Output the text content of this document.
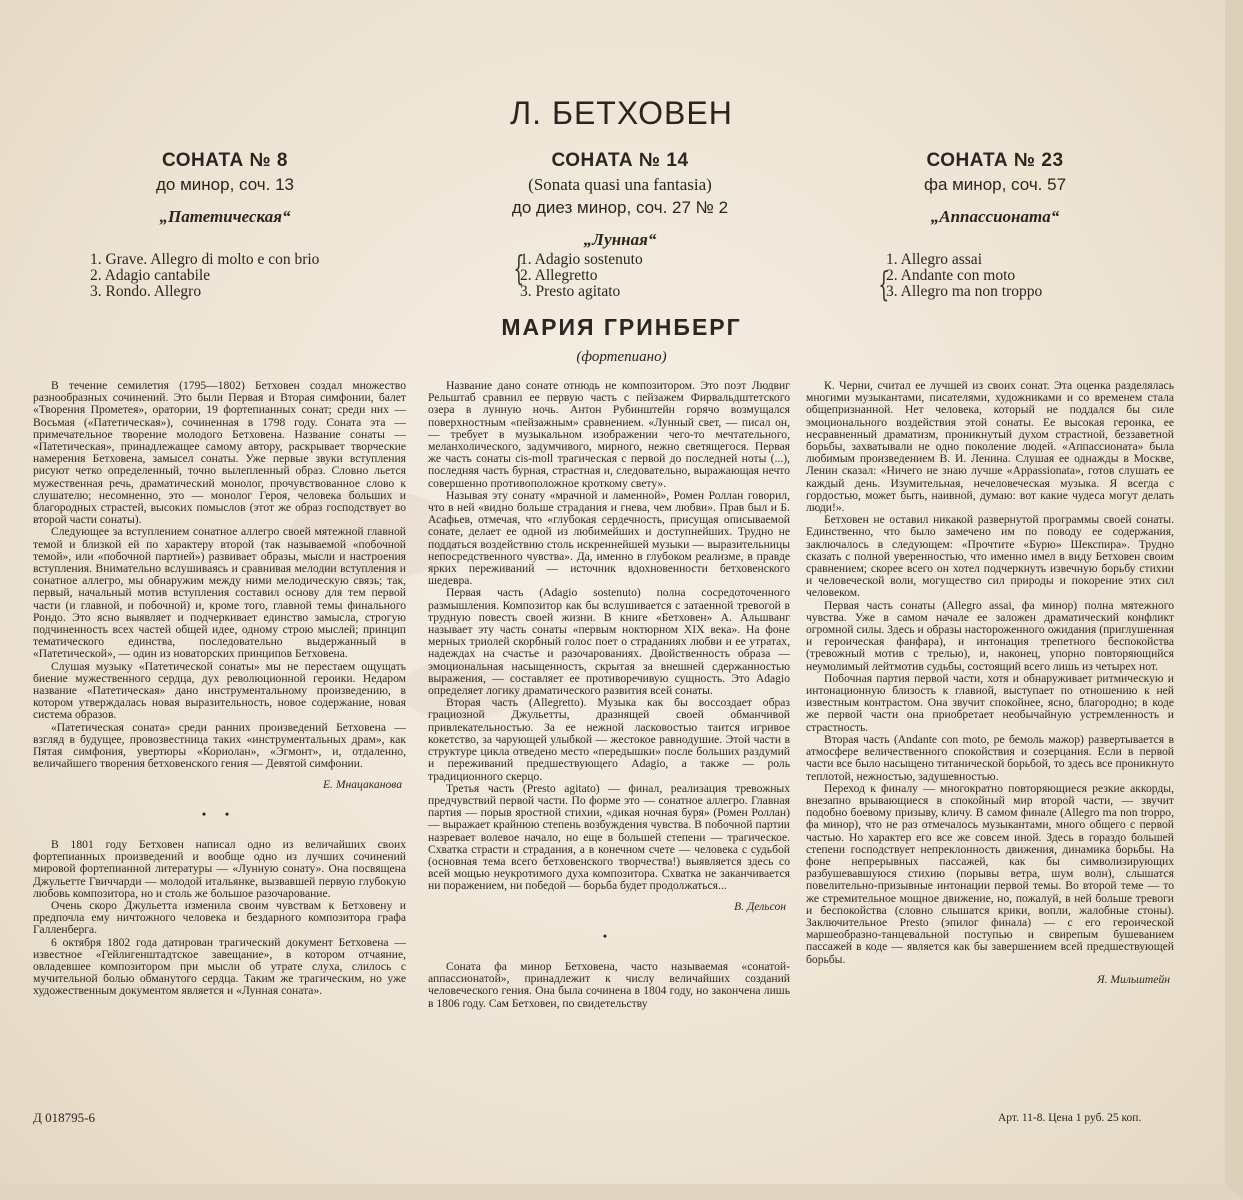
Л. БЕТХОВЕН
СОНАТА № 8
до минор, соч. 13
„Патетическая“
1. Grave. Allegro di molto e con brio
2. Adagio cantabile
3. Rondo. Allegro
СОНАТА № 14
(Sonata quasi una fantasia)
до диез минор, соч. 27 № 2
„Лунная“
{
1. Adagio sostenuto
2. Allegretto
3. Presto agitato
СОНАТА № 23
фа минор, соч. 57
„Аппассионата“
{
1. Allegro assai
2. Andante con moto
3. Allegro ma non troppo
МАРИЯ ГРИНБЕРГ
(фортепиано)

В течение семилетия (1795—1802) Бетховен создал множество разнообразных сочинений. Это были Первая и Вторая симфонии, балет «Творения Прометея», оратории, 19 фортепианных сонат; среди них — Восьмая («Патетическая»), сочиненная в 1798 году. Соната эта — примечательное творение молодого Бетховена. Название сонаты — «Патетическая», принадлежащее самому автору, раскрывает творческие намерения Бетховена, замысел сонаты. Уже первые звуки вступления рисуют четко определенный, точно вылепленный образ. Словно льется мужественная речь, драматический монолог, прочувствованное слово к слушателю; несомненно, это — монолог Героя, человека больших и благородных страстей, высоких помыслов (этот же образ господствует во второй части сонаты).

Следующее за вступлением сонатное аллегро своей мятежной главной темой и близкой ей по характеру второй (так называемой «побочной темой», или «побочной партией») развивает образы, мысли и настроения вступления. Внимательно вслушиваясь и сравнивая мелодии вступления и сонатное аллегро, мы обнаружим между ними мелодическую связь; так, первый, начальный мотив вступления составил основу для тем первой части (и главной, и побочной) и, кроме того, главной темы финального Рондо. Это ясно выявляет и подчеркивает единство замысла, строгую подчиненность всех частей общей идее, одному строю мыслей; принцип тематического единства, последовательно выдержанный в «Патетической», — один из новаторских принципов Бетховена.

Слушая музыку «Патетической сонаты» мы не перестаем ощущать биение мужественного сердца, дух революционной героики. Недаром название «Патетическая» дано инструментальному произведению, в котором утверждалась новая выразительность, новое содержание, новая система образов.

«Патетическая соната» среди ранних произведений Бетховена — взгляд в будущее, провозвестница таких «инструментальных драм», как Пятая симфония, увертюры «Кориолан», «Эгмонт», и, отдаленно, величайшего творения бетховенского гения — Девятой симфонии.

Е. Мнацаканова

• •

В 1801 году Бетховен написал одно из величайших своих фортепианных произведений и вообще одно из лучших сочинений мировой фортепианной литературы — «Лунную сонату». Она посвящена Джульетте Гвиччарди — молодой итальянке, вызвавшей первую глубокую любовь композитора, но и столь же большое разочарование.

Очень скоро Джульетта изменила своим чувствам к Бетховену и предпочла ему ничтожного человека и бездарного композитора графа Галленберга.

6 октября 1802 года датирован трагический документ Бетховена — известное «Гейлигенштадтское завещание», в котором отчаяние, овладевшее композитором при мысли об утрате слуха, слилось с мучительной болью обманутого сердца. Таким же трагическим, но уже художественным документом является и «Лунная соната».

Название дано сонате отнюдь не композитором. Это поэт Людвиг Рельштаб сравнил ее первую часть с пейзажем Фирвальдштетского озера в лунную ночь. Антон Рубинштейн горячо возмущался поверхностным «пейзажным» сравнением. «Лунный свет, — писал он, — требует в музыкальном изображении чего-то мечтательного, меланхолического, задумчивого, мирного, нежно светящегося. Первая же часть сонаты cis-moll трагическая с первой до последней ноты (...), последняя часть бурная, страстная и, следовательно, выражающая нечто совершенно противоположное кроткому свету».

Называя эту сонату «мрачной и ламенной», Ромен Роллан говорил, что в ней «видно больше страдания и гнева, чем любви». Прав был и Б. Асафьев, отмечая, что «глубокая сердечность, присущая описываемой сонате, делает ее одной из любимейших и доступнейших. Трудно не поддаться воздействию столь искреннейшей музыки — выразительницы непосредственного чувства». Да, именно в глубоком реализме, в правде ярких переживаний — источник вдохновенности бетховенского шедевра.

Первая часть (Adagio sostenuto) полна сосредоточенного размышления. Композитор как бы вслушивается с затаенной тревогой в трудную повесть своей жизни. В книге «Бетховен» А. Альшванг называет эту часть сонаты «первым ноктюрном XIX века». На фоне мерных триолей скорбный голос поет о страданиях любви и ее утратах, надеждах на счастье и разочарованиях. Двойственность образа — эмоциональная насыщенность, скрытая за внешней сдержанностью выражения, — составляет ее противоречивую сущность. Это Adagio определяет логику драматического развития всей сонаты.

Вторая часть (Allegretto). Музыка как бы воссоздает образ грациозной Джульетты, дразнящей своей обманчивой привлекательностью. За ее нежной ласковостью таится игривое кокетство, за чарующей улыбкой — жестокое равнодушие. Этой части в структуре цикла отведено место «передышки» после больших раздумий и переживаний предшествующего Adagio, а также — роль традиционного скерцо.

Третья часть (Presto agitato) — финал, реализация тревожных предчувствий первой части. По форме это — сонатное аллегро. Главная партия — порыв яростной стихии, «дикая ночная буря» (Ромен Роллан) — выражает крайнюю степень возбуждения чувства. В побочной партии назревает волевое начало, но еще в большей степени — трагическое. Схватка страсти и страдания, а в конечном счете — человека с судьбой (основная тема всего бетховенского творчества!) выявляется здесь со всей мощью неукротимого духа композитора. Схватка не заканчивается ни поражением, ни победой — борьба будет продолжаться...

В. Дельсон

•

Соната фа минор Бетховена, часто называемая «сонатой-аппассионатой», принадлежит к числу величайших созданий человеческого гения. Она была сочинена в 1804 году, но закончена лишь в 1806 году. Сам Бетховен, по свидетельству

К. Черни, считал ее лучшей из своих сонат. Эта оценка разделялась многими музыкантами, писателями, художниками и со временем стала общепризнанной. Нет человека, который не поддался бы силе эмоционального воздействия этой сонаты. Ее высокая героика, ее несравненный драматизм, проникнутый духом страстной, беззаветной борьбы, захватывали не одно поколение людей. «Аппассионата» была любимым произведением В. И. Ленина. Слушая ее однажды в Москве, Ленин сказал: «Ничего не знаю лучше «Appassionata», готов слушать ее каждый день. Изумительная, нечеловеческая музыка. Я всегда с гордостью, может быть, наивной, думаю: вот какие чудеса могут делать люди!».

Бетховен не оставил никакой развернутой программы своей сонаты. Единственно, что было замечено им по поводу ее содержания, заключалось в следующем: «Прочтите «Бурю» Шекспира». Трудно сказать с полной уверенностью, что именно имел в виду Бетховен своим сравнением; скорее всего он хотел подчеркнуть извечную борьбу стихии и человеческой воли, могущество сил природы и покорение этих сил человеком.

Первая часть сонаты (Allegro assai, фа минор) полна мятежного чувства. Уже в самом начале ее заложен драматический конфликт огромной силы. Здесь и образы настороженного ожидания (приглушенная и героическая фанфара), и интонация трепетного беспокойства (тревожный мотив с трелью), и, наконец, упорно повторяющийся неумолимый лейтмотив судьбы, состоящий всего лишь из четырех нот.

Побочная партия первой части, хотя и обнаруживает ритмическую и интонационную близость к главной, выступает по отношению к ней известным контрастом. Она звучит спокойнее, ясно, благородно; в коде же первой части она приобретает необычайную устремленность и страстность.

Вторая часть (Andante con moto, ре бемоль мажор) развертывается в атмосфере величественного спокойствия и созерцания. Если в первой части все было насыщено титанической борьбой, то здесь все проникнуто теплотой, нежностью, задушевностью.

Переход к финалу — многократно повторяющиеся резкие аккорды, внезапно врывающиеся в спокойный мир второй части, — звучит подобно боевому призыву, кличу. В самом финале (Allegro ma non troppo, фа минор), что не раз отмечалось музыкантами, много общего с первой частью. Но характер его все же совсем иной. Здесь в гораздо большей степени господствует непреклонность движения, динамика борьбы. На фоне непрерывных пассажей, как бы символизирующих разбушевавшуюся стихию (порывы ветра, шум волн), слышатся повелительно-призывные интонации первой темы. Во второй теме — то же стремительное мощное движение, но, пожалуй, в ней больше тревоги и беспокойства (словно слышатся крики, вопли, жалобные стоны). Заключительное Presto (эпилог финала) — с его героической маршеобразно-танцевальной поступью и свирепым бушеванием пассажей в коде — является как бы завершением всей предшествующей борьбы.

Я. Мильштейн

Д 018795-6	Арт. 11-8. Цена 1 руб. 25 коп.
